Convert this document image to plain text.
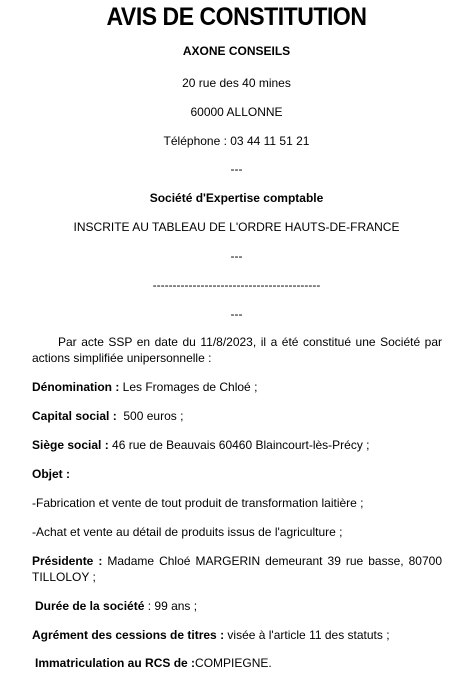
AVIS DE CONSTITUTION
AXONE CONSEILS
20 rue des 40 mines
60000 ALLONNE
Téléphone : 03 44 11 51 21
---
Société d'Expertise comptable
INSCRITE AU TABLEAU DE L'ORDRE HAUTS-DE-FRANCE
---
------------------------------------------
---
Par acte SSP en date du 11/8/2023, il a été constitué une Société par actions simplifiée unipersonnelle :
Dénomination : Les Fromages de Chloé ;
Capital social :  500 euros ;
Siège social : 46 rue de Beauvais 60460 Blaincourt-lès-Précy ;
Objet :
-Fabrication et vente de tout produit de transformation laitière ;
-Achat et vente au détail de produits issus de l'agriculture ;
Présidente : Madame Chloé MARGERIN demeurant 39 rue basse, 80700 TILLOLOY ;
Durée de la société : 99 ans ;
Agrément des cessions de titres : visée à l'article 11 des statuts ;
Immatriculation au RCS de :COMPIEGNE.
